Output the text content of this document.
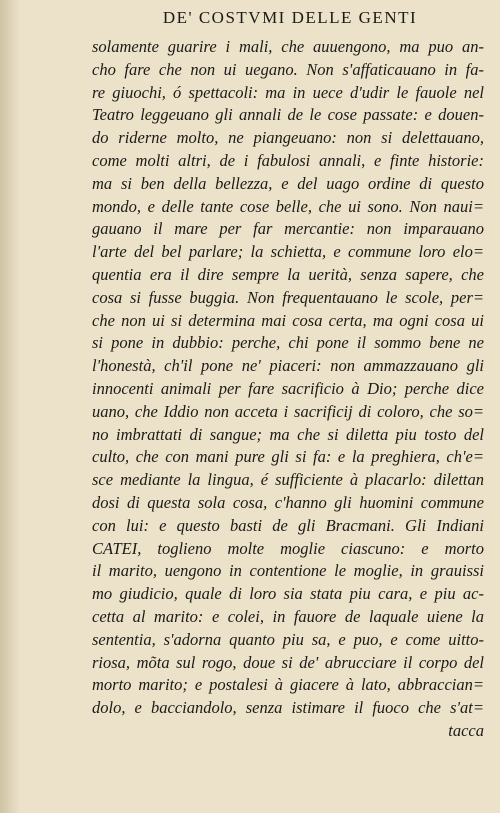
DE' COSTVMI DELLE GENTI
solamente guarire i mali, che auuengono, ma puo an-
cho fare che non ui uegano. Non s'affaticauano in fa-
re giuochi, ó spettacoli: ma in uece d'udir le fauole nel
Teatro leggeuano gli annali de le cose passate: e douen-
do riderne molto, ne piangeuano: non si delettauano,
come molti altri, de i fabulosi annali, e finte historie:
ma si ben della bellezza, e del uago ordine di questo
mondo, e delle tante cose belle, che ui sono. Non naui=
gauano il mare per far mercantie: non imparauano
l'arte del bel parlare; la schietta, e commune loro elo=
quentia era il dire sempre la uerità, senza sapere, che
cosa si fusse buggia. Non frequentauano le scole, per=
che non ui si determina mai cosa certa, ma ogni cosa ui
si pone in dubbio: perche, chi pone il sommo bene ne
l'honestà, ch'il pone ne' piaceri: non ammazzauano gli
innocenti animali per fare sacrificio à Dio; perche dice
uano, che Iddio non acceta i sacrificij di coloro, che so=
no imbrattati di sangue; ma che si diletta piu tosto del
culto, che con mani pure gli si fa: e la preghiera, ch'e=
sce mediante la lingua, é sufficiente à placarlo: dilettan
dosi di questa sola cosa, c'hanno gli huomini commune
con lui: e questo basti de gli Bracmani. Gli Indiani
CATEI, toglieno molte moglie ciascuno: e morto
il marito, uengono in contentione le moglie, in grauissi
mo giudicio, quale di loro sia stata piu cara, e piu ac-
cetta al marito: e colei, in fauore de laquale uiene la
sententia, s'adorna quanto piu sa, e puo, e come uitto-
riosa, mõta sul rogo, doue si de' abrucciare il corpo del
morto marito; e postalesi à giacere à lato, abbraccian=
dolo, e bacciandolo, senza istimare il fuoco che s'at=
tacca
